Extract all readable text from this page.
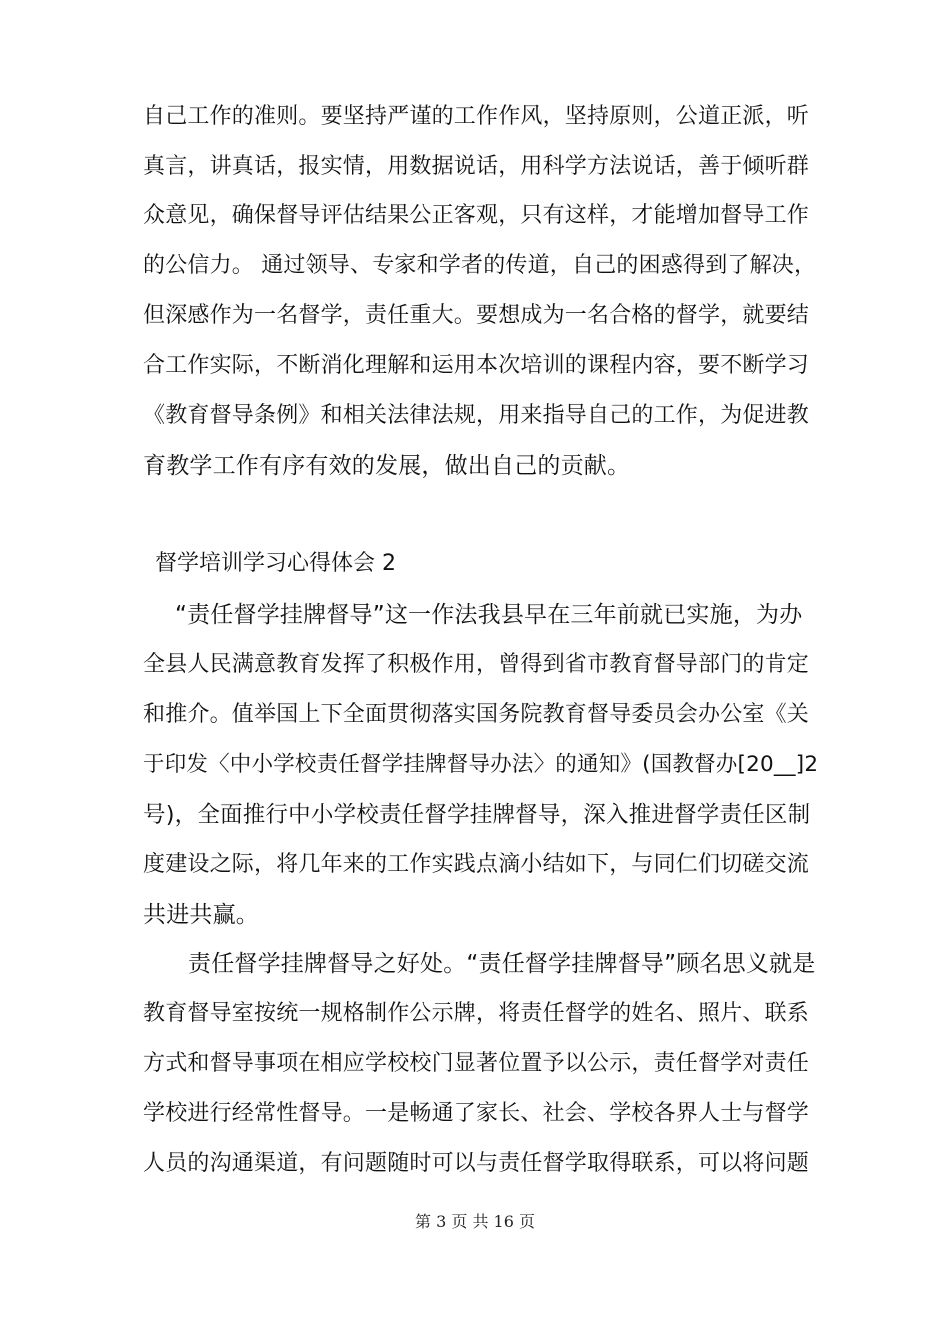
自己工作的准则。要坚持严谨的工作作风，坚持原则，公道正派，听
真言，讲真话，报实情，用数据说话，用科学方法说话，善于倾听群
众意见，确保督导评估结果公正客观，只有这样，才能增加督导工作
的公信力。 通过领导、专家和学者的传道，自己的困惑得到了解决，
但深感作为一名督学，责任重大。要想成为一名合格的督学，就要结
合工作实际，不断消化理解和运用本次培训的课程内容，要不断学习
《教育督导条例》和相关法律法规，用来指导自己的工作，为促进教
育教学工作有序有效的发展，做出自己的贡献。
督学培训学习心得体会 2
“责任督学挂牌督导”这一作法我县早在三年前就已实施，为办
全县人民满意教育发挥了积极作用，曾得到省市教育督导部门的肯定
和推介。值举国上下全面贯彻落实国务院教育督导委员会办公室《关
于印发〈中小学校责任督学挂牌督导办法〉的通知》(国教督办[20__]2
号)，全面推行中小学校责任督学挂牌督导，深入推进督学责任区制
度建设之际，将几年来的工作实践点滴小结如下，与同仁们切磋交流
共进共赢。
责任督学挂牌督导之好处。“责任督学挂牌督导”顾名思义就是
教育督导室按统一规格制作公示牌，将责任督学的姓名、照片、联系
方式和督导事项在相应学校校门显著位置予以公示，责任督学对责任
学校进行经常性督导。一是畅通了家长、社会、学校各界人士与督学
人员的沟通渠道，有问题随时可以与责任督学取得联系，可以将问题
第 3 页 共 16 页
